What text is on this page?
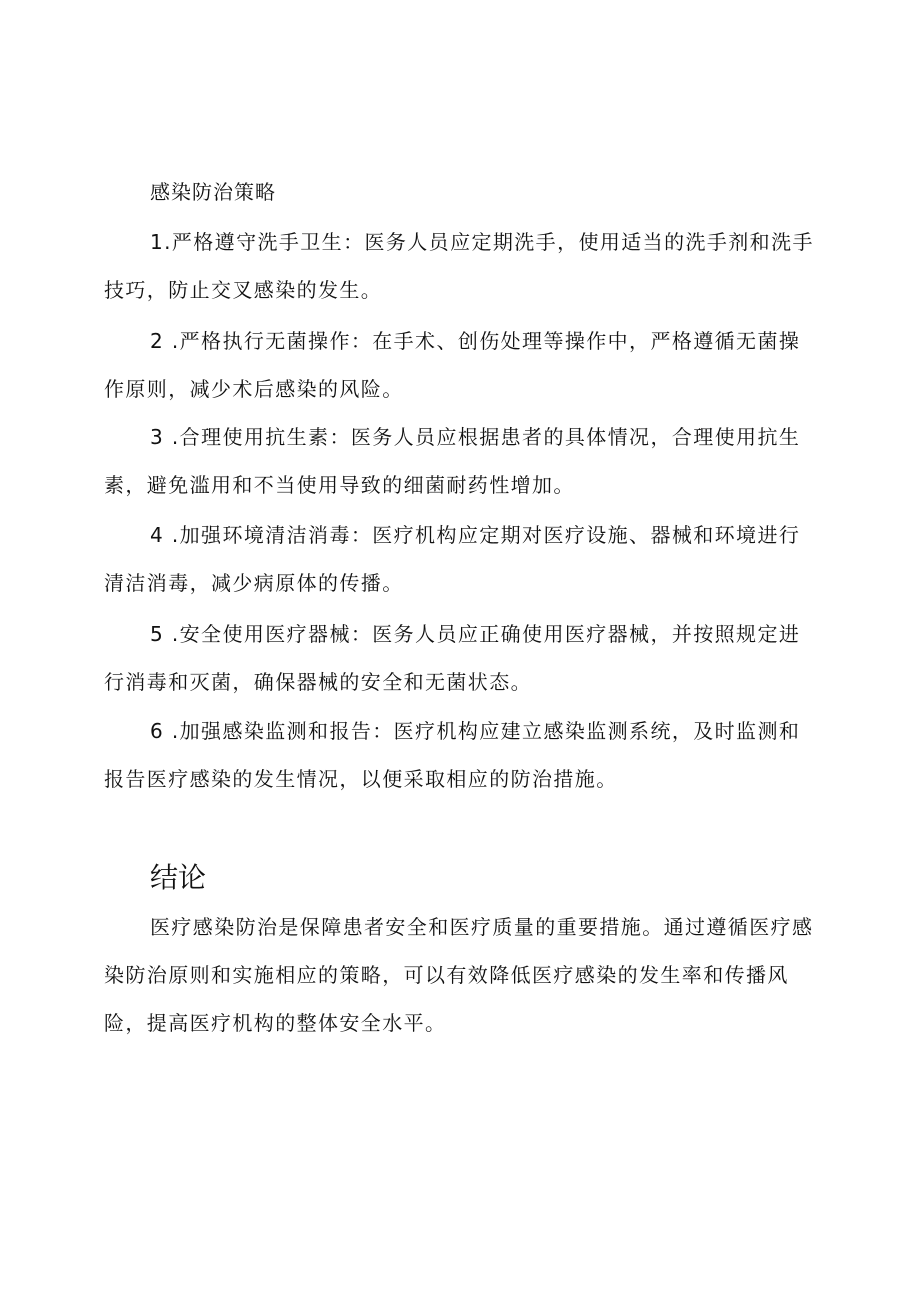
感染防治策略

1.严格遵守洗手卫生：医务人员应定期洗手，使用适当的洗手剂和洗手技巧，防止交叉感染的发生。

2 .严格执行无菌操作：在手术、创伤处理等操作中，严格遵循无菌操作原则，减少术后感染的风险。

3 .合理使用抗生素：医务人员应根据患者的具体情况，合理使用抗生素，避免滥用和不当使用导致的细菌耐药性增加。

4 .加强环境清洁消毒：医疗机构应定期对医疗设施、器械和环境进行清洁消毒，减少病原体的传播。

5 .安全使用医疗器械：医务人员应正确使用医疗器械，并按照规定进行消毒和灭菌，确保器械的安全和无菌状态。

6 .加强感染监测和报告：医疗机构应建立感染监测系统，及时监测和报告医疗感染的发生情况，以便采取相应的防治措施。

结论

医疗感染防治是保障患者安全和医疗质量的重要措施。通过遵循医疗感染防治原则和实施相应的策略，可以有效降低医疗感染的发生率和传播风险，提高医疗机构的整体安全水平。
